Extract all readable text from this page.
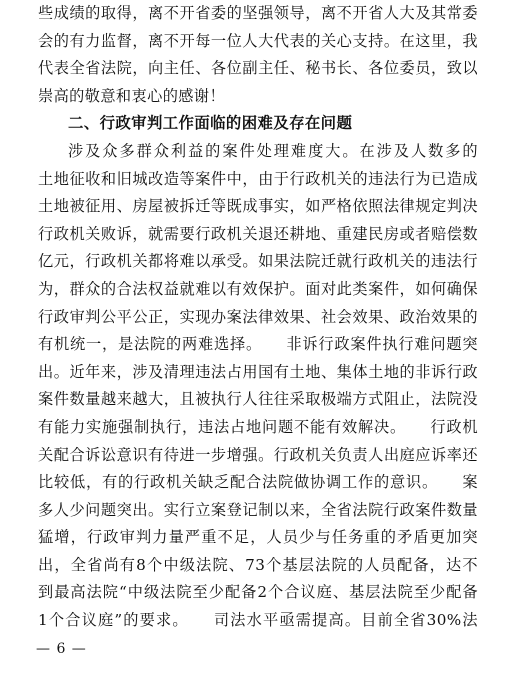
些成绩的取得，离不开省委的坚强领导，离不开省人大及其常委
会的有力监督，离不开每一位人大代表的关心支持。在这里，我
代表全省法院，向主任、各位副主任、秘书长、各位委员，致以
崇高的敬意和衷心的感谢！
二、行政审判工作面临的困难及存在问题
涉及众多群众利益的案件处理难度大。在涉及人数多的
土地征收和旧城改造等案件中，由于行政机关的违法行为已造成
土地被征用、房屋被拆迁等既成事实，如严格依照法律规定判决
行政机关败诉，就需要行政机关退还耕地、重建民房或者赔偿数
亿元，行政机关都将难以承受。如果法院迁就行政机关的违法行
为，群众的合法权益就难以有效保护。面对此类案件，如何确保
行政审判公平公正，实现办案法律效果、社会效果、政治效果的
有机统一，是法院的两难选择。　　非诉行政案件执行难问题突
出。近年来，涉及清理违法占用国有土地、集体土地的非诉行政
案件数量越来越大，且被执行人往往采取极端方式阻止，法院没
有能力实施强制执行，违法占地问题不能有效解决。　　行政机
关配合诉讼意识有待进一步增强。行政机关负责人出庭应诉率还
比较低，有的行政机关缺乏配合法院做协调工作的意识。　　案
多人少问题突出。实行立案登记制以来，全省法院行政案件数量
猛增，行政审判力量严重不足，人员少与任务重的矛盾更加突
出，全省尚有8个中级法院、73个基层法院的人员配备，达不
到最高法院“中级法院至少配备2个合议庭、基层法院至少配备
1个合议庭”的要求。　　司法水平亟需提高。目前全省30%法
— 6 —
